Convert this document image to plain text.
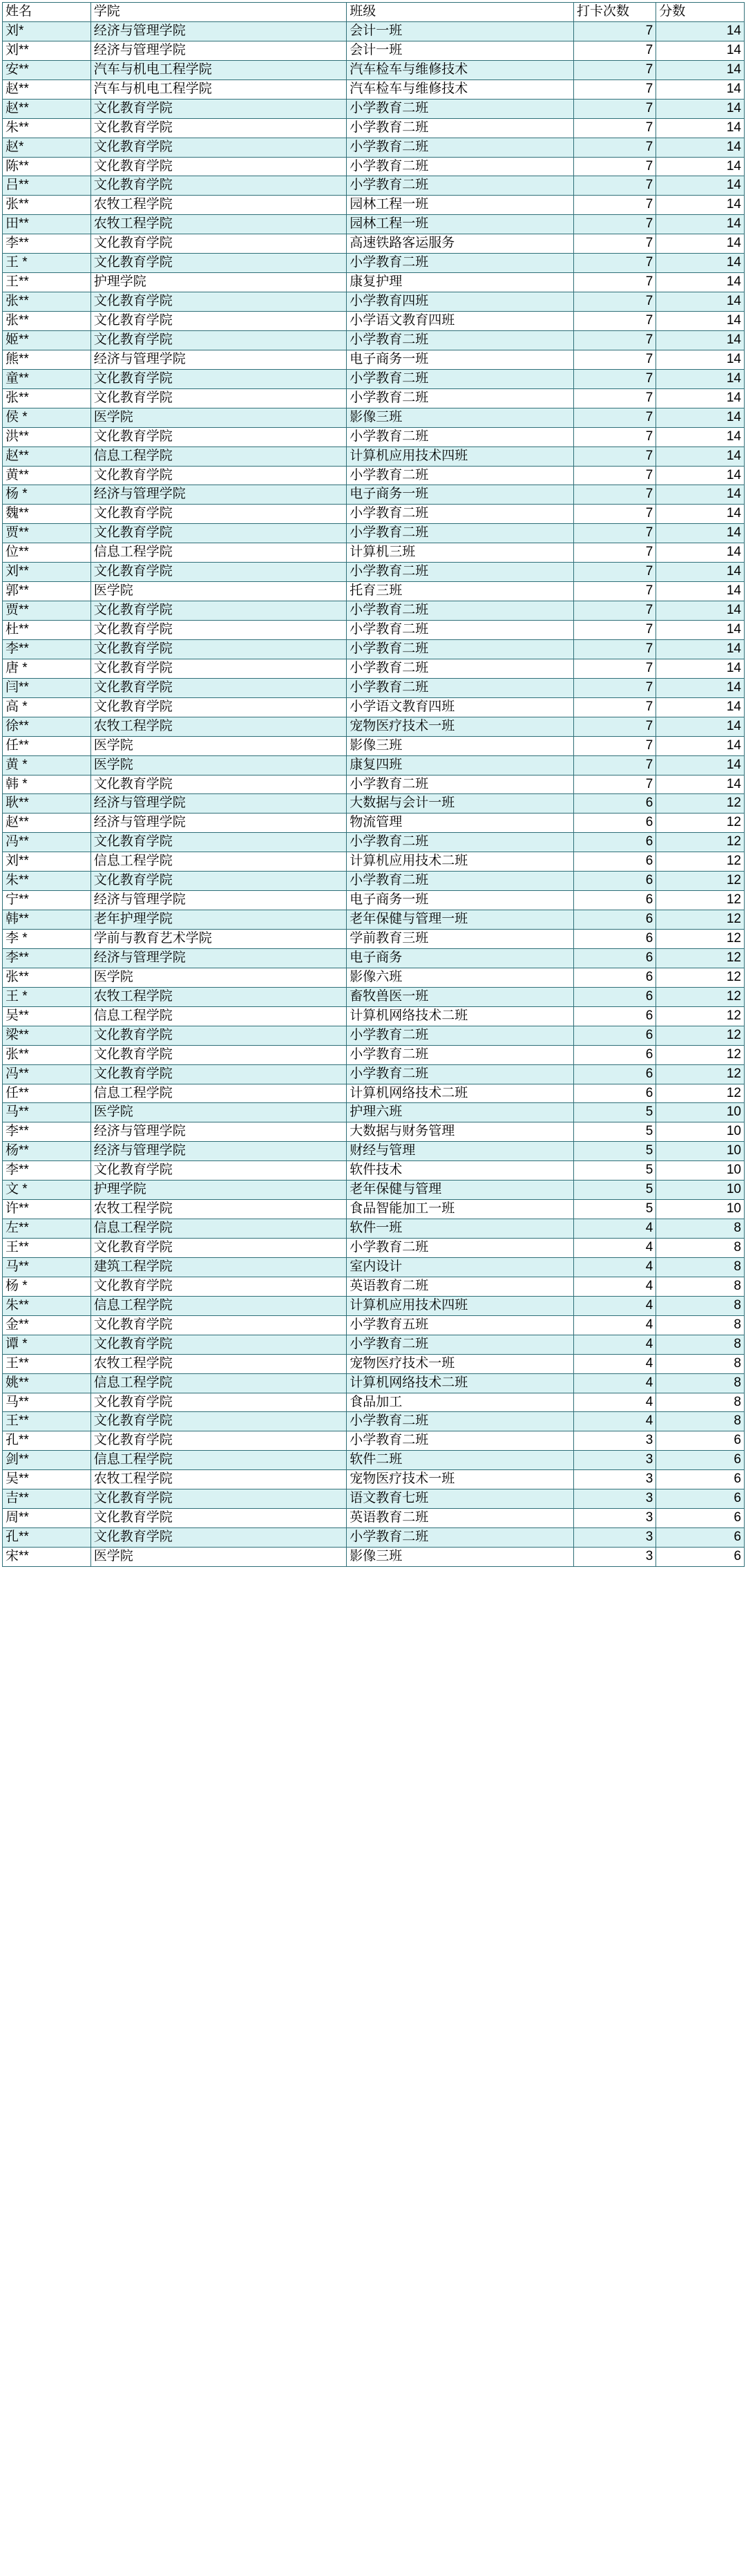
姓名	学院	班级	打卡次数	分数
刘*	经济与管理学院	会计一班	7	14
刘**	经济与管理学院	会计一班	7	14
安**	汽车与机电工程学院	汽车检车与维修技术	7	14
赵**	汽车与机电工程学院	汽车检车与维修技术	7	14
赵**	文化教育学院	小学教育二班	7	14
朱**	文化教育学院	小学教育二班	7	14
赵*	文化教育学院	小学教育二班	7	14
陈**	文化教育学院	小学教育二班	7	14
吕**	文化教育学院	小学教育二班	7	14
张**	农牧工程学院	园林工程一班	7	14
田**	农牧工程学院	园林工程一班	7	14
李**	文化教育学院	高速铁路客运服务	7	14
王 *	文化教育学院	小学教育二班	7	14
王**	护理学院	康复护理	7	14
张**	文化教育学院	小学教育四班	7	14
张**	文化教育学院	小学语文教育四班	7	14
姬**	文化教育学院	小学教育二班	7	14
熊**	经济与管理学院	电子商务一班	7	14
童**	文化教育学院	小学教育二班	7	14
张**	文化教育学院	小学教育二班	7	14
侯 *	医学院	影像三班	7	14
洪**	文化教育学院	小学教育二班	7	14
赵**	信息工程学院	计算机应用技术四班	7	14
黄**	文化教育学院	小学教育二班	7	14
杨 *	经济与管理学院	电子商务一班	7	14
魏**	文化教育学院	小学教育二班	7	14
贾**	文化教育学院	小学教育二班	7	14
位**	信息工程学院	计算机三班	7	14
刘**	文化教育学院	小学教育二班	7	14
郭**	医学院	托育三班	7	14
贾**	文化教育学院	小学教育二班	7	14
杜**	文化教育学院	小学教育二班	7	14
李**	文化教育学院	小学教育二班	7	14
唐 *	文化教育学院	小学教育二班	7	14
闫**	文化教育学院	小学教育二班	7	14
高 *	文化教育学院	小学语文教育四班	7	14
徐**	农牧工程学院	宠物医疗技术一班	7	14
任**	医学院	影像三班	7	14
黄 *	医学院	康复四班	7	14
韩 *	文化教育学院	小学教育二班	7	14
耿**	经济与管理学院	大数据与会计一班	6	12
赵**	经济与管理学院	物流管理	6	12
冯**	文化教育学院	小学教育二班	6	12
刘**	信息工程学院	计算机应用技术二班	6	12
朱**	文化教育学院	小学教育二班	6	12
宁**	经济与管理学院	电子商务一班	6	12
韩**	老年护理学院	老年保健与管理一班	6	12
李 *	学前与教育艺术学院	学前教育三班	6	12
李**	经济与管理学院	电子商务	6	12
张**	医学院	影像六班	6	12
王 *	农牧工程学院	畜牧兽医一班	6	12
吴**	信息工程学院	计算机网络技术二班	6	12
梁**	文化教育学院	小学教育二班	6	12
张**	文化教育学院	小学教育二班	6	12
冯**	文化教育学院	小学教育二班	6	12
任**	信息工程学院	计算机网络技术二班	6	12
马**	医学院	护理六班	5	10
李**	经济与管理学院	大数据与财务管理	5	10
杨**	经济与管理学院	财经与管理	5	10
李**	文化教育学院	软件技术	5	10
文 *	护理学院	老年保健与管理	5	10
许**	农牧工程学院	食品智能加工一班	5	10
左**	信息工程学院	软件一班	4	8
王**	文化教育学院	小学教育二班	4	8
马**	建筑工程学院	室内设计	4	8
杨 *	文化教育学院	英语教育二班	4	8
朱**	信息工程学院	计算机应用技术四班	4	8
金**	文化教育学院	小学教育五班	4	8
谭 *	文化教育学院	小学教育二班	4	8
王**	农牧工程学院	宠物医疗技术一班	4	8
姚**	信息工程学院	计算机网络技术二班	4	8
马**	文化教育学院	食品加工	4	8
王**	文化教育学院	小学教育二班	4	8
孔**	文化教育学院	小学教育二班	3	6
剑**	信息工程学院	软件二班	3	6
吴**	农牧工程学院	宠物医疗技术一班	3	6
吉**	文化教育学院	语文教育七班	3	6
周**	文化教育学院	英语教育二班	3	6
孔**	文化教育学院	小学教育二班	3	6
宋**	医学院	影像三班	3	6
